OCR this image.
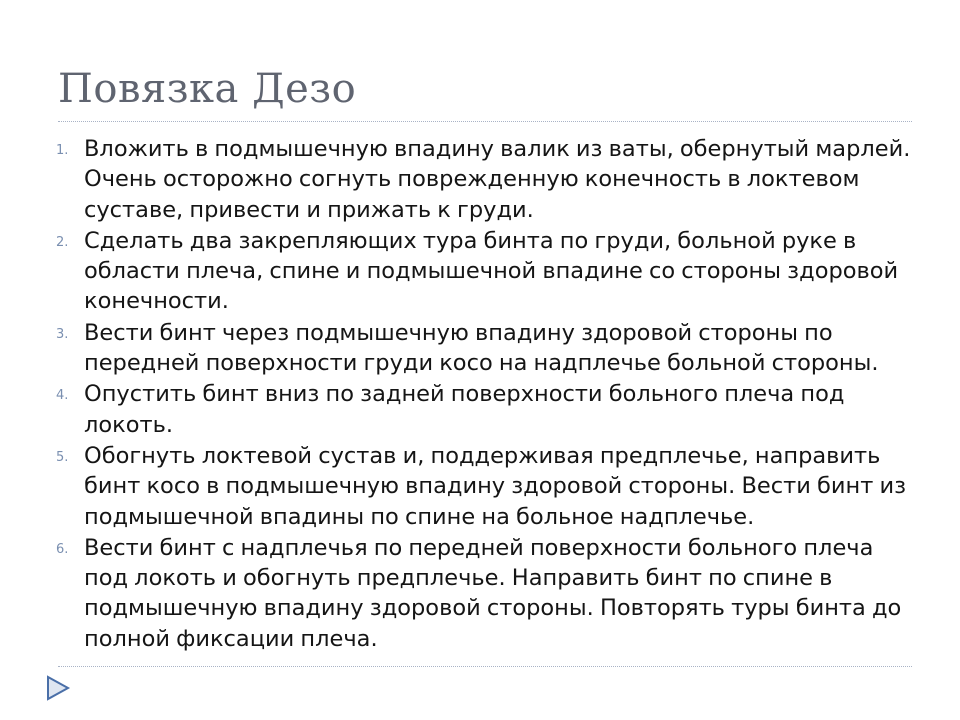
Повязка Дезо
1. Вложить в подмышечную впадину валик из ваты, обернутый марлей. Очень осторожно согнуть поврежденную конечность в локтевом суставе, привести и прижать к груди.
2. Сделать два закрепляющих тура бинта по груди, больной руке в области плеча, спине и подмышечной впадине со стороны здоровой конечности.
3. Вести бинт через подмышечную впадину здоровой стороны по передней поверхности груди косо на надплечье больной стороны.
4. Опустить бинт вниз по задней поверхности больного плеча под локоть.
5. Обогнуть локтевой сустав и, поддерживая предплечье, направить бинт косо в подмышечную впадину здоровой стороны. Вести бинт из подмышечной впадины по спине на больное надплечье.
6. Вести бинт с надплечья по передней поверхности больного плеча под локоть и обогнуть предплечье. Направить бинт по спине в подмышечную впадину здоровой стороны. Повторять туры бинта до полной фиксации плеча.
